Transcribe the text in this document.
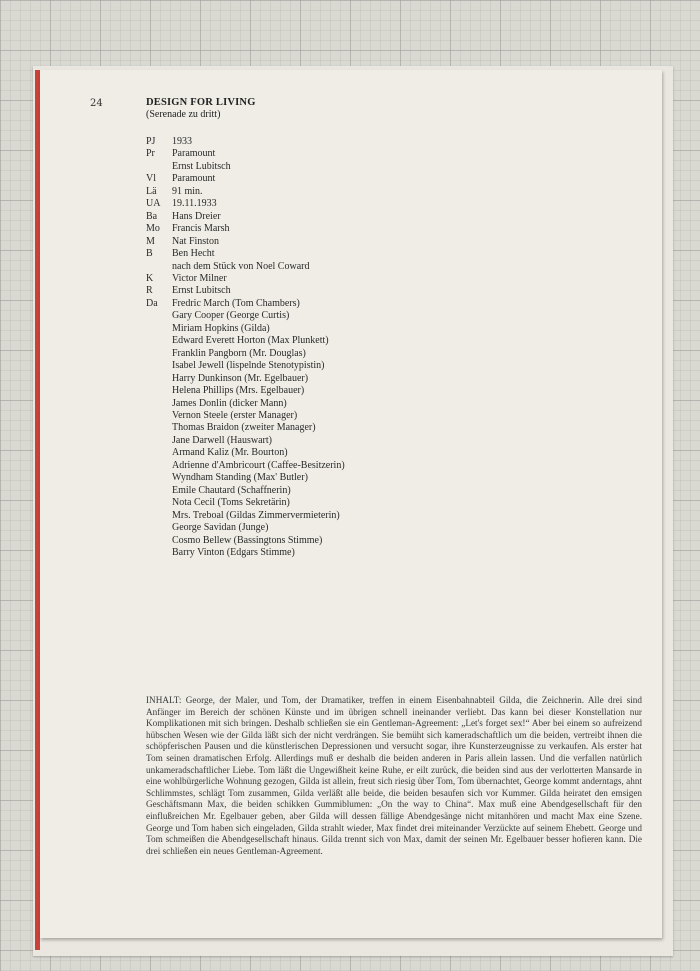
24	DESIGN FOR LIVING
(Serenade zu dritt)
PJ	1933
Pr	Paramount
Ernst Lubitsch
Vl	Paramount
Lä	91 min.
UA	19.11.1933
Ba	Hans Dreier
Mo	Francis Marsh
M	Nat Finston
B	Ben Hecht
nach dem Stück von Noel Coward
K	Victor Milner
R	Ernst Lubitsch
Da	Fredric March (Tom Chambers)
Gary Cooper (George Curtis)
Miriam Hopkins (Gilda)
Edward Everett Horton (Max Plunkett)
Franklin Pangborn (Mr. Douglas)
Isabel Jewell (lispelnde Stenotypistin)
Harry Dunkinson (Mr. Egelbauer)
Helena Phillips (Mrs. Egelbauer)
James Donlin (dicker Mann)
Vernon Steele (erster Manager)
Thomas Braidon (zweiter Manager)
Jane Darwell (Hauswart)
Armand Kaliz (Mr. Bourton)
Adrienne d'Ambricourt (Caffee-Besitzerin)
Wyndham Standing (Max' Butler)
Emile Chautard (Schaffnerin)
Nota Cecil (Toms Sekretärin)
Mrs. Treboal (Gildas Zimmervermieterin)
George Savidan (Junge)
Cosmo Bellew (Bassingtons Stimme)
Barry Vinton (Edgars Stimme)
INHALT: George, der Maler, und Tom, der Dramatiker, treffen in einem Eisenbahnabteil Gilda, die Zeichnerin. Alle drei sind Anfänger im Bereich der schönen Künste und im übrigen schnell ineinander verliebt. Das kann bei dieser Konstellation nur Komplikationen mit sich bringen. Deshalb schließen sie ein Gentleman-Agreement: „Let's forget sex!“ Aber bei einem so aufreizend hübschen Wesen wie der Gilda läßt sich der nicht verdrängen. Sie bemüht sich kameradschaftlich um die beiden, vertreibt ihnen die schöpferischen Pausen und die künstlerischen Depressionen und versucht sogar, ihre Kunsterzeugnisse zu verkaufen. Als erster hat Tom seinen dramatischen Erfolg. Allerdings muß er deshalb die beiden anderen in Paris allein lassen. Und die verfallen natürlich unkameradschaftlicher Liebe. Tom läßt die Ungewißheit keine Ruhe, er eilt zurück, die beiden sind aus der verlotterten Mansarde in eine wohlbürgerliche Wohnung gezogen, Gilda ist allein, freut sich riesig über Tom, Tom übernachtet, George kommt anderntags, ahnt Schlimmstes, schlägt Tom zusammen, Gilda verläßt alle beide, die beiden besaufen sich vor Kummer. Gilda heiratet den emsigen Geschäftsmann Max, die beiden schikken Gummiblumen: „On the way to China“. Max muß eine Abendgesellschaft für den einflußreichen Mr. Egelbauer geben, aber Gilda will dessen fällige Abendgesänge nicht mitanhören und macht Max eine Szene. George und Tom haben sich eingeladen, Gilda strahlt wieder, Max findet drei miteinander Verzückte auf seinem Ehebett. George und Tom schmeißen die Abendgesellschaft hinaus. Gilda trennt sich von Max, damit der seinen Mr. Egelbauer besser hofieren kann. Die drei schließen ein neues Gentleman-Agreement.
